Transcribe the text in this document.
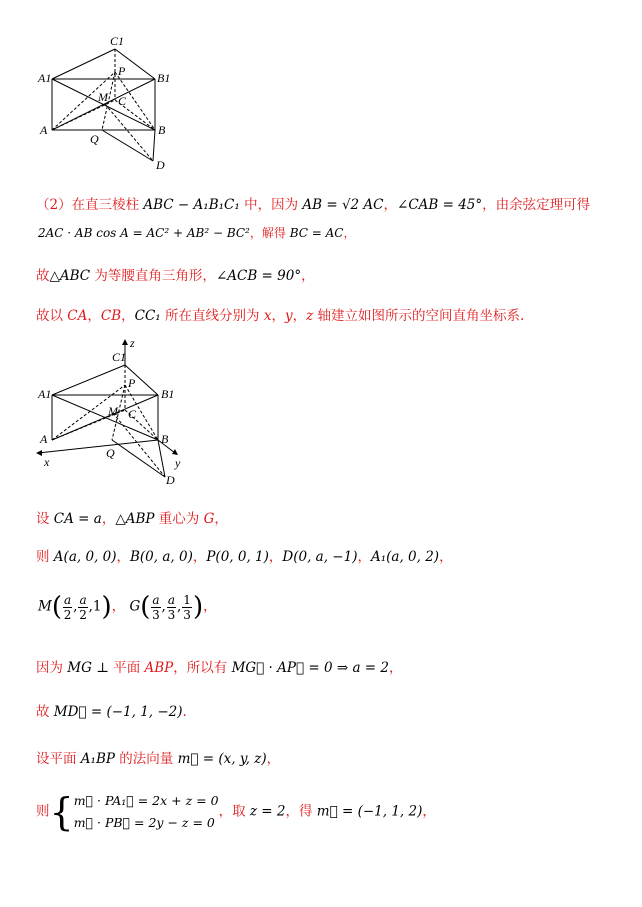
C1
P
A1	B1
M C
A	B
Q
D
（2）在直三棱柱 ABC − A₁B₁C₁ 中，因为 AB = √2 AC，∠CAB = 45°，由余弦定理可得
2AC · AB cos A = AC² + AB² − BC²，解得 BC = AC，
故△ABC 为等腰直角三角形，∠ACB = 90°，
故以 CA，CB，CC₁ 所在直线分别为 x，y，z 轴建立如图所示的空间直角坐标系.
C1
z
P
A1	B1
M C
A	B
Q
x	y
D
设 CA = a，△ABP 重心为 G，
则 A(a, 0, 0)，B(0, a, 0)，P(0, 0, 1)，D(0, a, −1)，A₁(a, 0, 2)，
$M( \frac{a}{2}$ , $\frac{a}{2} ,1$)， $G( \frac{a}{3}$ , $\frac{a}{3}$ , $\frac{1}{3}$ )，
因为 MG ⊥ 平面 ABP，所以有 MG⃗ · AP⃗ = 0 ⇒ a = 2，
故 MD⃗ = (−1, 1, −2).
设平面 A₁BP 的法向量 m⃗ = (x, y, z)，
则{ m⃗ · PA₁⃗ = 2x + z = 0
m⃗ · PB⃗ = 2y − z = 0
，取 z = 2，得 m⃗ = (−1, 1, 2)，
